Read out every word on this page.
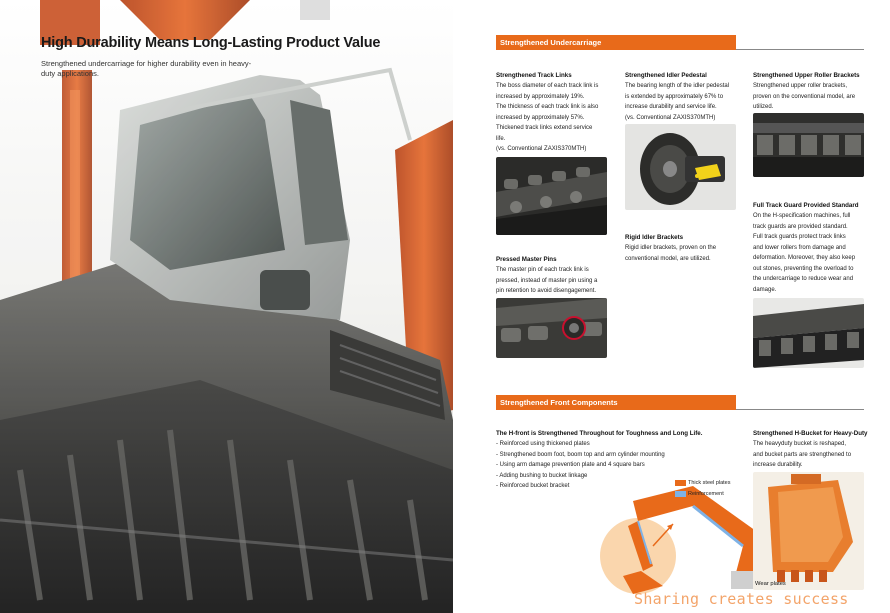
High Durability Means Long-Lasting Product Value
Strengthened undercarriage for higher durability even in heavy-
duty applications.
Strengthened Undercarriage
Strengthened Track Links
The boss diameter of each track link is
increased by approximately 19%.
The thickness of each track link is also
increased by approximately 57%.
Thickened track links extend service
life.
(vs. Conventional ZAXIS370MTH)
Pressed Master Pins
The master pin of each track link is
pressed, instead of master pin using a
pin retention to avoid disengagement.
Strengthened Idler Pedestal
The bearing length of the idler pedestal
is extended by approximately 67% to
increase durability and service life.
(vs. Conventional ZAXIS370MTH)
Rigid Idler Brackets
Rigid idler brackets, proven on the
conventional model, are utilized.
Strengthened Upper Roller Brackets
Strengthened upper roller brackets,
proven on the conventional model, are
utilized.
Full Track Guard Provided Standard
On the H-specification machines, full
track guards are provided standard.
Full track guards protect track links
and lower rollers from damage and
deformation. Moreover, they also keep
out stones, preventing the overload to
the undercarriage to reduce wear and
damage.
Strengthened Front Components
The H-front is Strengthened Throughout for Toughness and Long Life.
- Reinforced using thickened plates
- Strengthened boom foot, boom top and arm cylinder mounting
- Using arm damage prevention plate and 4 square bars
- Adding bushing to bucket linkage
- Reinforced bucket bracket	Thick steel plates
Reinforcement
Strengthened H-Bucket for Heavy-Duty
The heavyduty bucket is reshaped,
and bucket parts are strengthened to
increase durability.
Wear plates
Sharing creates success
